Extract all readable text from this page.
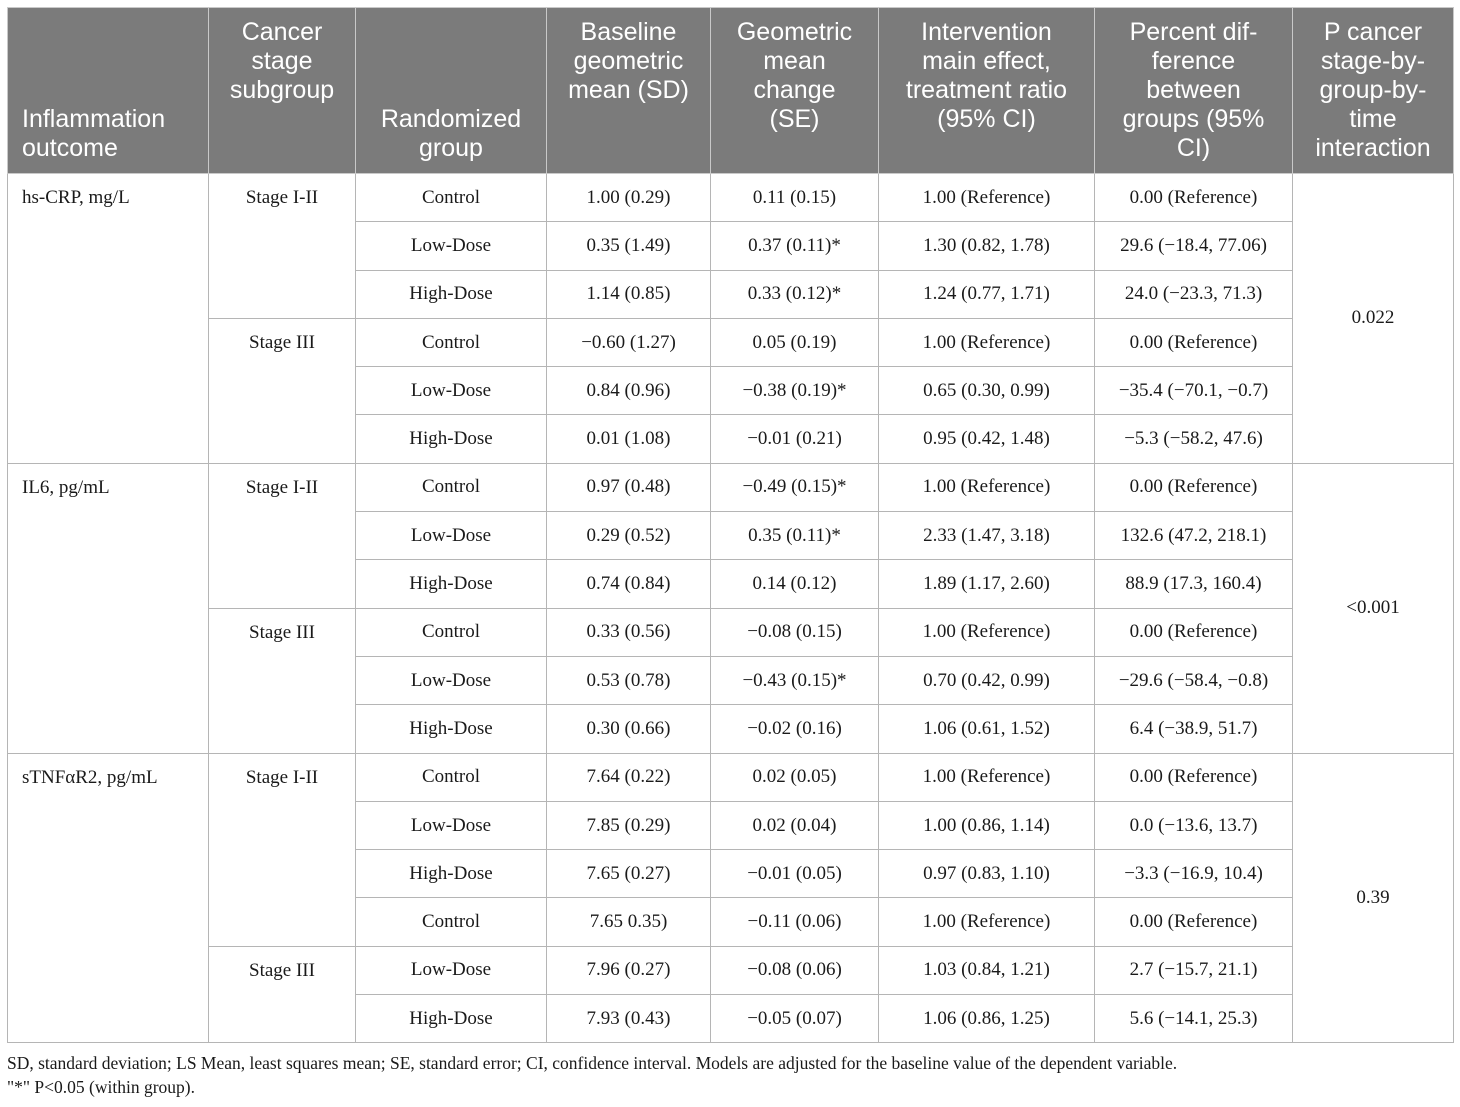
Inflammation
outcome	Cancer
stage
subgroup	Randomized
group	Baseline
geometric
mean (SD)	Geometric
mean
change
(SE)	Intervention
main effect,
treatment ratio
(95% CI)	Percent dif-
ference
between
groups (95%
CI)	P cancer
stage-by-
group-by-
time
interaction
hs-CRP, mg/L	Stage I-II	Control	1.00 (0.29)	0.11 (0.15)	1.00 (Reference)	0.00 (Reference)	0.022
		Low-Dose	0.35 (1.49)	0.37 (0.11)*	1.30 (0.82, 1.78)	29.6 (−18.4, 77.06)	
		High-Dose	1.14 (0.85)	0.33 (0.12)*	1.24 (0.77, 1.71)	24.0 (−23.3, 71.3)	
	Stage III	Control	−0.60 (1.27)	0.05 (0.19)	1.00 (Reference)	0.00 (Reference)	
		Low-Dose	0.84 (0.96)	−0.38 (0.19)*	0.65 (0.30, 0.99)	−35.4 (−70.1, −0.7)	
		High-Dose	0.01 (1.08)	−0.01 (0.21)	0.95 (0.42, 1.48)	−5.3 (−58.2, 47.6)	
IL6, pg/mL	Stage I-II	Control	0.97 (0.48)	−0.49 (0.15)*	1.00 (Reference)	0.00 (Reference)	<0.001
		Low-Dose	0.29 (0.52)	0.35 (0.11)*	2.33 (1.47, 3.18)	132.6 (47.2, 218.1)	
		High-Dose	0.74 (0.84)	0.14 (0.12)	1.89 (1.17, 2.60)	88.9 (17.3, 160.4)	
	Stage III	Control	0.33 (0.56)	−0.08 (0.15)	1.00 (Reference)	0.00 (Reference)	
		Low-Dose	0.53 (0.78)	−0.43 (0.15)*	0.70 (0.42, 0.99)	−29.6 (−58.4, −0.8)	
		High-Dose	0.30 (0.66)	−0.02 (0.16)	1.06 (0.61, 1.52)	6.4 (−38.9, 51.7)	
sTNFαR2, pg/mL	Stage I-II	Control	7.64 (0.22)	0.02 (0.05)	1.00 (Reference)	0.00 (Reference)	0.39
		Low-Dose	7.85 (0.29)	0.02 (0.04)	1.00 (0.86, 1.14)	0.0 (−13.6, 13.7)	
		High-Dose	7.65 (0.27)	−0.01 (0.05)	0.97 (0.83, 1.10)	−3.3 (−16.9, 10.4)	
		Control	7.65 0.35)	−0.11 (0.06)	1.00 (Reference)	0.00 (Reference)	
	Stage III	Low-Dose	7.96 (0.27)	−0.08 (0.06)	1.03 (0.84, 1.21)	2.7 (−15.7, 21.1)	
		High-Dose	7.93 (0.43)	−0.05 (0.07)	1.06 (0.86, 1.25)	5.6 (−14.1, 25.3)	
SD, standard deviation; LS Mean, least squares mean; SE, standard error; CI, confidence interval. Models are adjusted for the baseline value of the dependent variable.
"*" P<0.05 (within group).
